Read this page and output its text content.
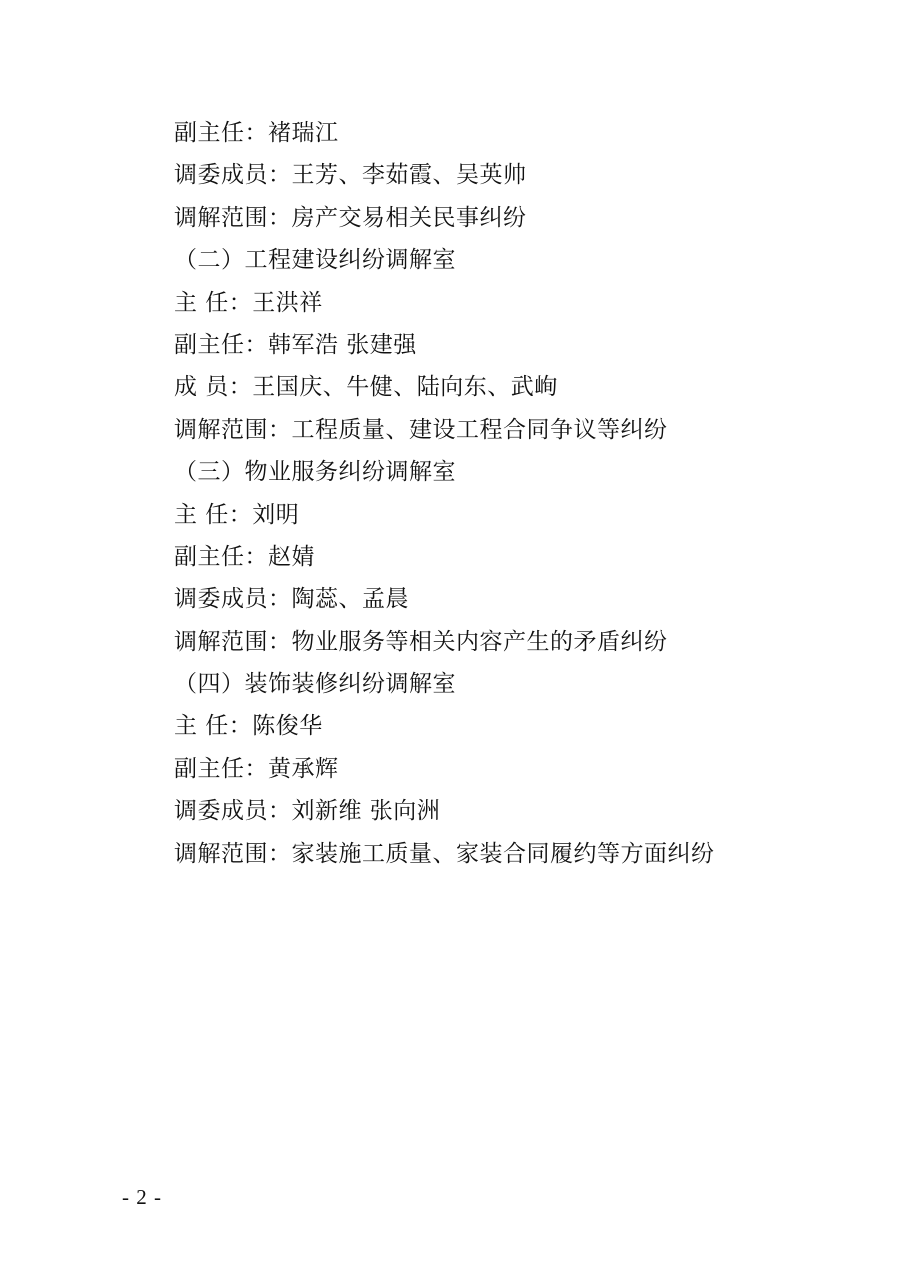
副主任：褚瑞江
调委成员：王芳、李茹霞、吴英帅
调解范围：房产交易相关民事纠纷
（二）工程建设纠纷调解室
主 任：王洪祥
副主任：韩军浩 张建强
成 员：王国庆、牛健、陆向东、武峋
调解范围：工程质量、建设工程合同争议等纠纷
（三）物业服务纠纷调解室
主 任：刘明
副主任：赵婧
调委成员：陶蕊、孟晨
调解范围：物业服务等相关内容产生的矛盾纠纷
（四）装饰装修纠纷调解室
主 任：陈俊华
副主任：黄承辉
调委成员：刘新维 张向洲
调解范围：家装施工质量、家装合同履约等方面纠纷
- 2 -
